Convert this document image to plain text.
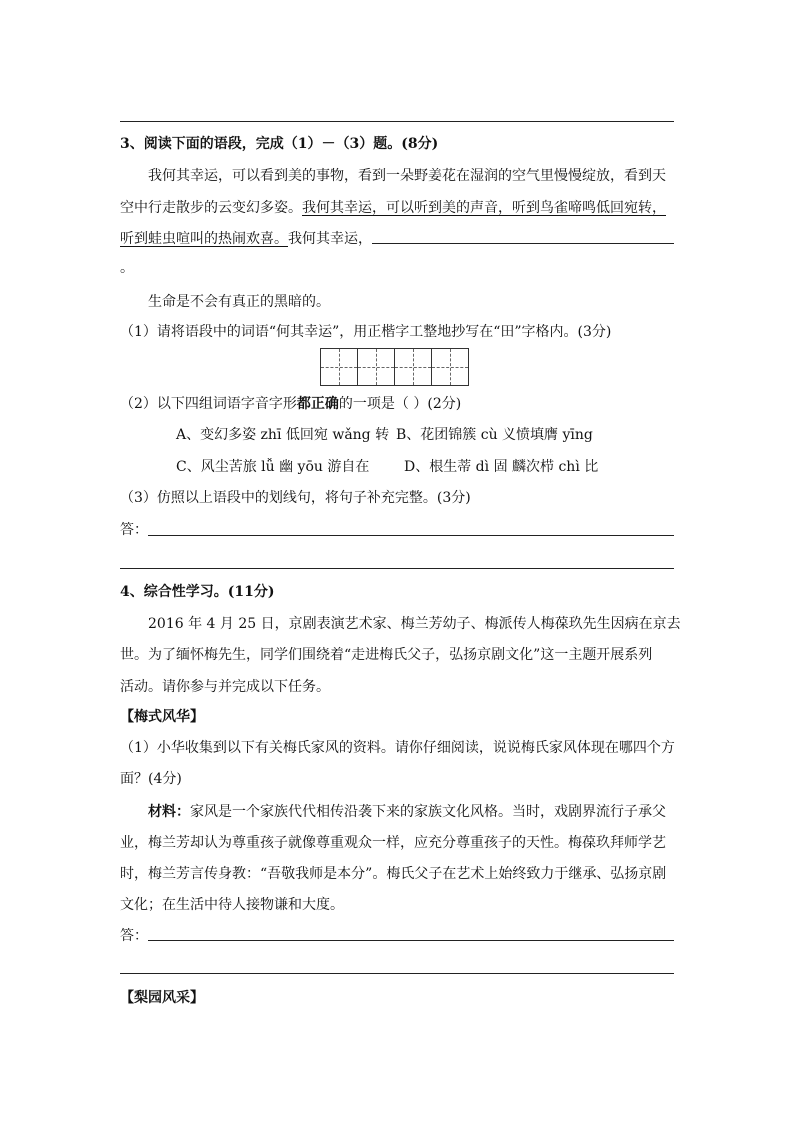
3、阅读下面的语段，完成（1）－（3）题。(8分)
我何其幸运，可以看到美的事物，看到一朵野姜花在湿润的空气里慢慢绽放，看到天
空中行走散步的云变幻多姿。我何其幸运，可以听到美的声音，听到鸟雀啼鸣低回宛转，
听到蛙虫喧叫的热闹欢喜。我何其幸运，
。
生命是不会有真正的黑暗的。
（1）请将语段中的词语“何其幸运”，用正楷字工整地抄写在“田”字格内。(3分)
（2）以下四组词语字音字形都正确的一项是（ ）(2分)
A、变幻多姿 zhī 低回宛 wǎng 转 B、花团锦簇 cù 义愤填膺 yīng
C、风尘苦旅 lǚ 幽 yōu 游自在 D、根生蒂 dì 固 麟次栉 chì 比
（3）仿照以上语段中的划线句，将句子补充完整。(3分)
答：
4、综合性学习。(11分)
2016 年 4 月 25 日，京剧表演艺术家、梅兰芳幼子、梅派传人梅葆玖先生因病在京去
世。为了缅怀梅先生，同学们围绕着“走进梅氏父子，弘扬京剧文化”这一主题开展系列
活动。请你参与并完成以下任务。
【梅式风华】
（1）小华收集到以下有关梅氏家风的资料。请你仔细阅读，说说梅氏家风体现在哪四个方
面？(4分)
材料：家风是一个家族代代相传沿袭下来的家族文化风格。当时，戏剧界流行子承父
业，梅兰芳却认为尊重孩子就像尊重观众一样，应充分尊重孩子的天性。梅葆玖拜师学艺
时，梅兰芳言传身教：“吾敬我师是本分”。梅氏父子在艺术上始终致力于继承、弘扬京剧
文化；在生活中待人接物谦和大度。
答：
【梨园风采】
